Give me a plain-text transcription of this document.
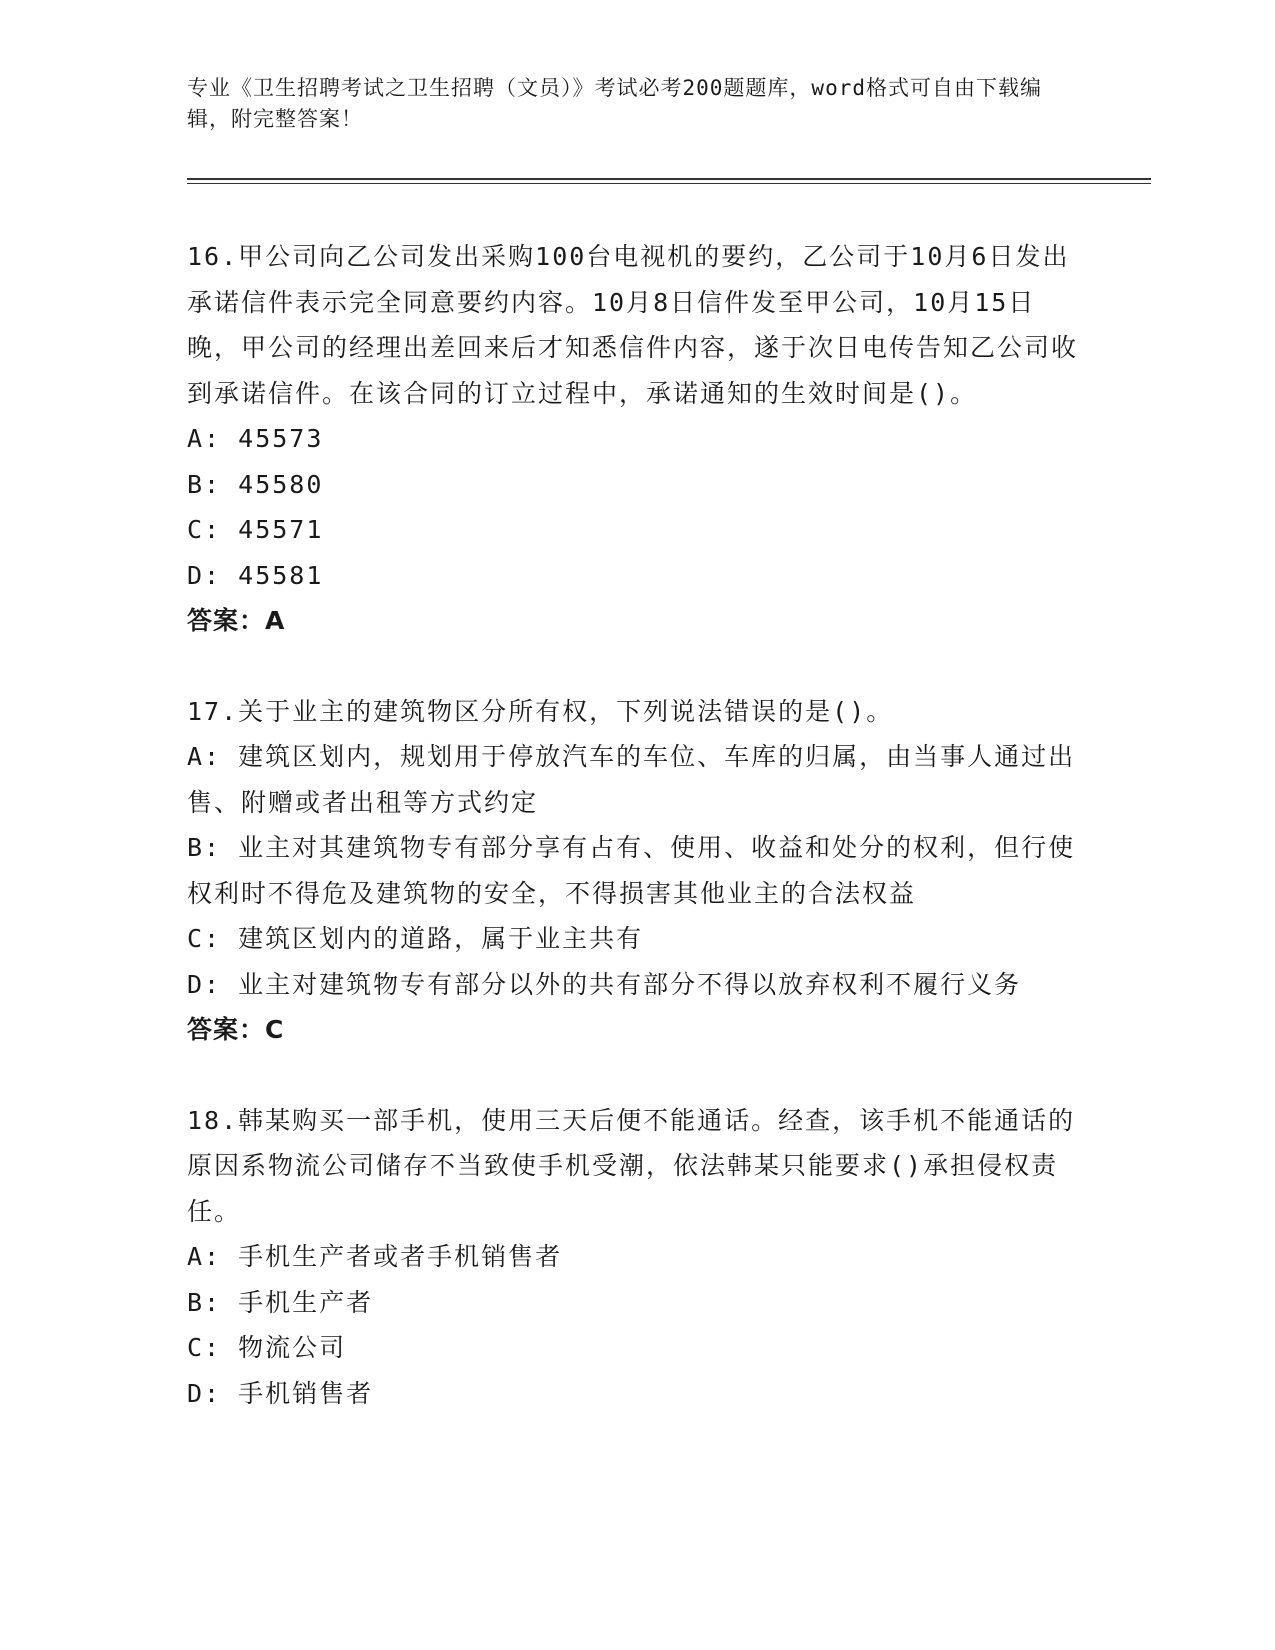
专业《卫生招聘考试之卫生招聘（文员）》考试必考200题题库，word格式可自由下载编辑，附完整答案！
16.甲公司向乙公司发出采购100台电视机的要约，乙公司于10月6日发出承诺信件表示完全同意要约内容。10月8日信件发至甲公司，10月15日晚，甲公司的经理出差回来后才知悉信件内容，遂于次日电传告知乙公司收到承诺信件。在该合同的订立过程中，承诺通知的生效时间是()。
A: 45573
B: 45580
C: 45571
D: 45581
答案：A
17.关于业主的建筑物区分所有权，下列说法错误的是()。
A: 建筑区划内，规划用于停放汽车的车位、车库的归属，由当事人通过出售、附赠或者出租等方式约定
B: 业主对其建筑物专有部分享有占有、使用、收益和处分的权利，但行使权利时不得危及建筑物的安全，不得损害其他业主的合法权益
C: 建筑区划内的道路，属于业主共有
D: 业主对建筑物专有部分以外的共有部分不得以放弃权利不履行义务
答案：C
18.韩某购买一部手机，使用三天后便不能通话。经查，该手机不能通话的原因系物流公司储存不当致使手机受潮，依法韩某只能要求()承担侵权责任。
A: 手机生产者或者手机销售者
B: 手机生产者
C: 物流公司
D: 手机销售者
